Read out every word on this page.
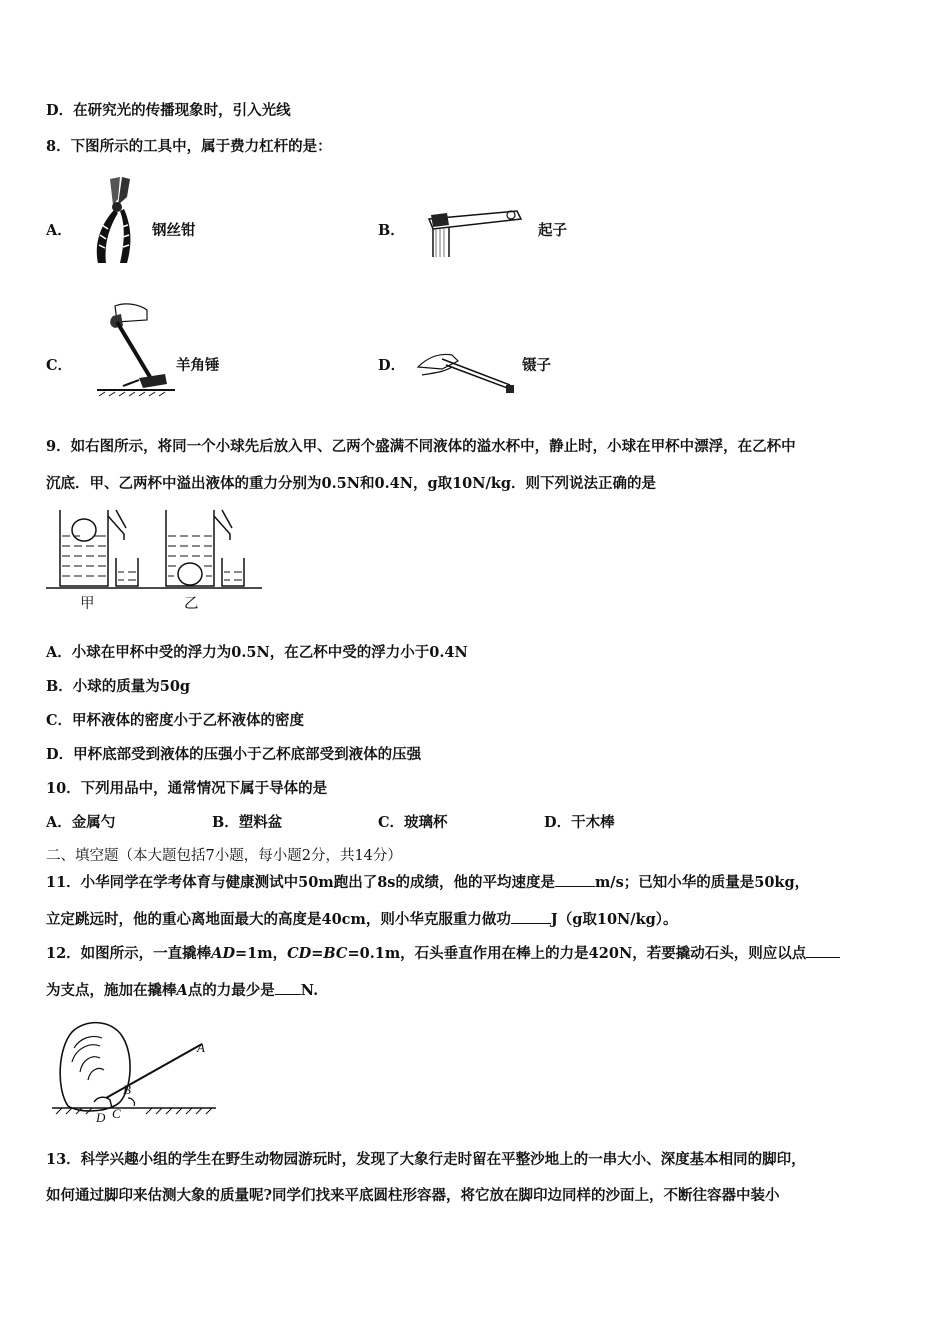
D．在研究光的传播现象时，引入光线
8．下图所示的工具中，属于费力杠杆的是：
A．	钢丝钳	B．	起子
C．	羊角锤	D．	镊子
9．如右图所示，将同一个小球先后放入甲、乙两个盛满不同液体的溢水杯中，静止时，小球在甲杯中漂浮，在乙杯中
沉底．甲、乙两杯中溢出液体的重力分别为0.5N和0.4N，g取10N/kg．则下列说法正确的是
甲	乙
A．小球在甲杯中受的浮力为0.5N，在乙杯中受的浮力小于0.4N
B．小球的质量为50g
C．甲杯液体的密度小于乙杯液体的密度
D．甲杯底部受到液体的压强小于乙杯底部受到液体的压强
10．下列用品中，通常情况下属于导体的是
A．金属勺	B．塑料盆	C．玻璃杯	D．干木棒
二、填空题（本大题包括7小题，每小题2分，共14分）
11．小华同学在学考体育与健康测试中50m跑出了8s的成绩，他的平均速度是	m/s；已知小华的质量是50kg，
立定跳远时，他的重心离地面最大的高度是40cm，则小华克服重力做功	J（g取10N/kg）。
12．如图所示，一直撬棒AD=1m，CD=BC=0.1m，石头垂直作用在棒上的力是420N，若要撬动石头，则应以点
为支点，施加在撬棒A点的力最少是 N.
A
B
D C
13．科学兴趣小组的学生在野生动物园游玩时，发现了大象行走时留在平整沙地上的一串大小、深度基本相同的脚印，
如何通过脚印来估测大象的质量呢?同学们找来平底圆柱形容器，将它放在脚印边同样的沙面上，不断往容器中装小
